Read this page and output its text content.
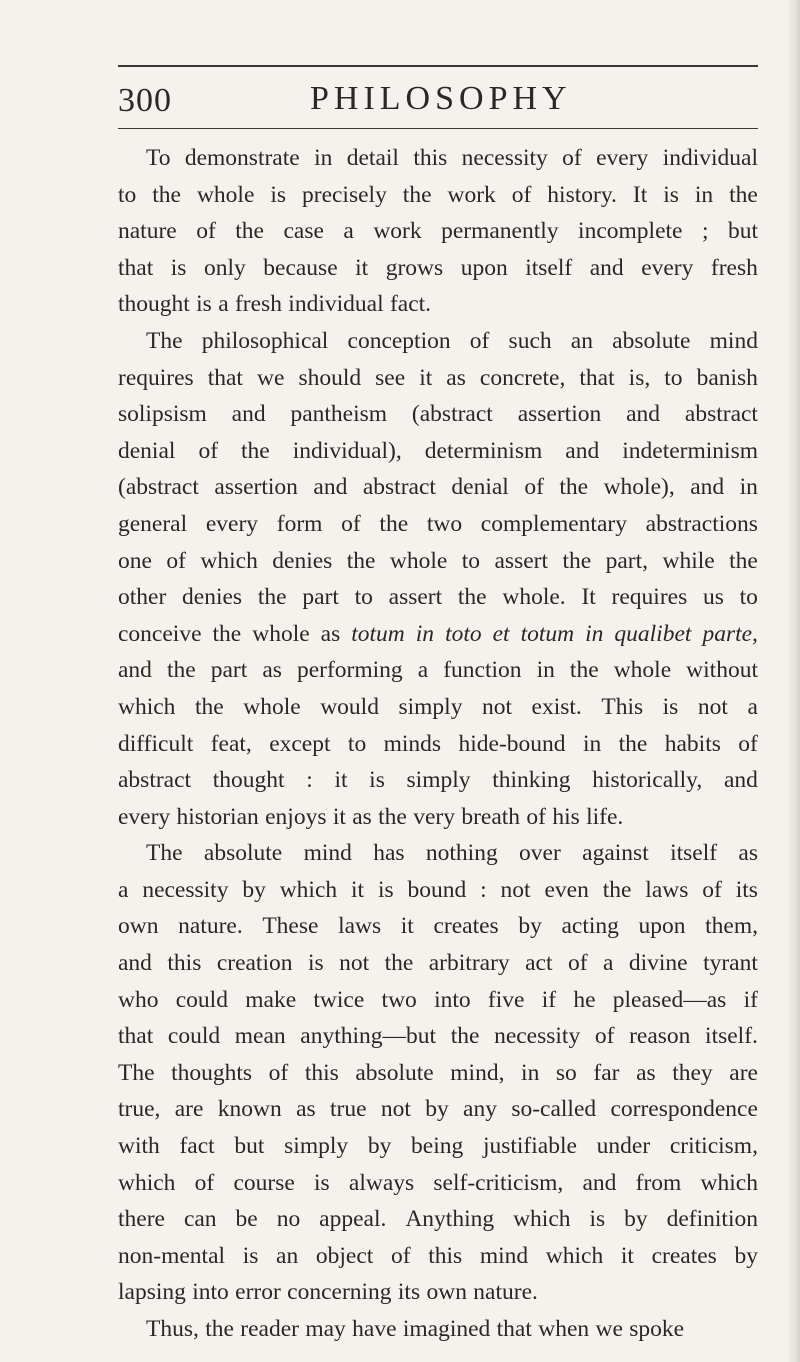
300	PHILOSOPHY
To demonstrate in detail this necessity of every individual
to the whole is precisely the work of history. It is in the
nature of the case a work permanently incomplete ; but
that is only because it grows upon itself and every fresh
thought is a fresh individual fact.
The philosophical conception of such an absolute mind
requires that we should see it as concrete, that is, to banish
solipsism and pantheism (abstract assertion and abstract
denial of the individual), determinism and indeterminism
(abstract assertion and abstract denial of the whole), and in
general every form of the two complementary abstractions
one of which denies the whole to assert the part, while the
other denies the part to assert the whole. It requires us to
conceive the whole as totum in toto et totum in qualibet parte,
and the part as performing a function in the whole without
which the whole would simply not exist. This is not a
difficult feat, except to minds hide-bound in the habits of
abstract thought : it is simply thinking historically, and
every historian enjoys it as the very breath of his life.
The absolute mind has nothing over against itself as
a necessity by which it is bound : not even the laws of its
own nature. These laws it creates by acting upon them,
and this creation is not the arbitrary act of a divine tyrant
who could make twice two into five if he pleased—as if
that could mean anything—but the necessity of reason itself.
The thoughts of this absolute mind, in so far as they are
true, are known as true not by any so-called correspondence
with fact but simply by being justifiable under criticism,
which of course is always self-criticism, and from which
there can be no appeal. Anything which is by definition
non-mental is an object of this mind which it creates by
lapsing into error concerning its own nature.
Thus, the reader may have imagined that when we spoke
